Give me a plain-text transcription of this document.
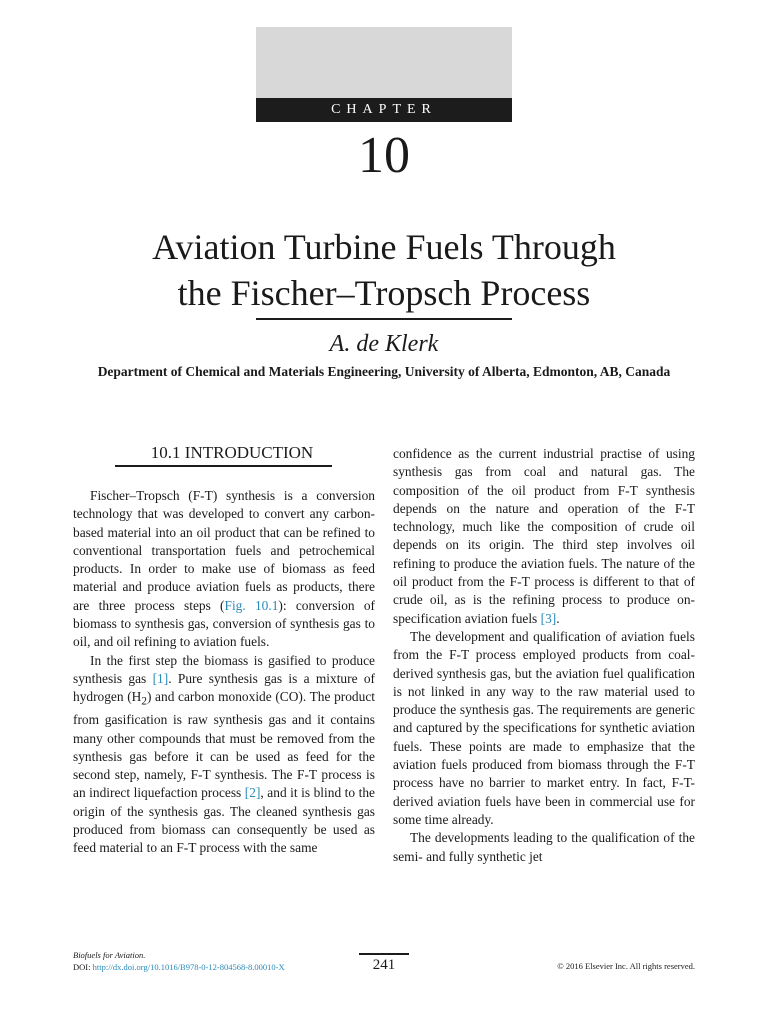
CHAPTER
10
Aviation Turbine Fuels Through
the Fischer–Tropsch Process
A. de Klerk
Department of Chemical and Materials Engineering, University of Alberta, Edmonton, AB, Canada
10.1 INTRODUCTION

Fischer–Tropsch (F-T) synthesis is a conversion technology that was developed to convert any carbon-based material into an oil product that can be refined to conventional transportation fuels and petrochemical products. In order to make use of biomass as feed material and produce aviation fuels as products, there are three process steps (Fig. 10.1): conversion of biomass to synthesis gas, conversion of synthesis gas to oil, and oil refining to aviation fuels.

In the first step the biomass is gasified to produce synthesis gas [1]. Pure synthesis gas is a mixture of hydrogen $(H_2)$ and carbon monoxide (CO). The product from gasification is raw synthesis gas and it contains many other compounds that must be removed from the synthesis gas before it can be used as feed for the second step, namely, F-T synthesis. The F-T process is an indirect liquefaction process [2], and it is blind to the origin of the synthesis gas. The cleaned synthesis gas produced from biomass can consequently be used as feed material to an F-T process with the same

confidence as the current industrial practise of using synthesis gas from coal and natural gas. The composition of the oil product from F-T synthesis depends on the nature and operation of the F-T technology, much like the composition of crude oil depends on its origin. The third step involves oil refining to produce the aviation fuels. The nature of the oil product from the F-T process is different to that of crude oil, as is the refining process to produce on-specification aviation fuels [3].

The development and qualification of aviation fuels from the F-T process employed products from coal-derived synthesis gas, but the aviation fuel qualification is not linked in any way to the raw material used to produce the synthesis gas. The requirements are generic and captured by the specifications for synthetic aviation fuels. These points are made to emphasize that the aviation fuels produced from biomass through the F-T process have no barrier to market entry. In fact, F-T-derived aviation fuels have been in commercial use for some time already.

The developments leading to the qualification of the semi- and fully synthetic jet

Biofuels for Aviation.
DOI: http://dx.doi.org/10.1016/B978-0-12-804568-8.00010-X	241	© 2016 Elsevier Inc. All rights reserved.
